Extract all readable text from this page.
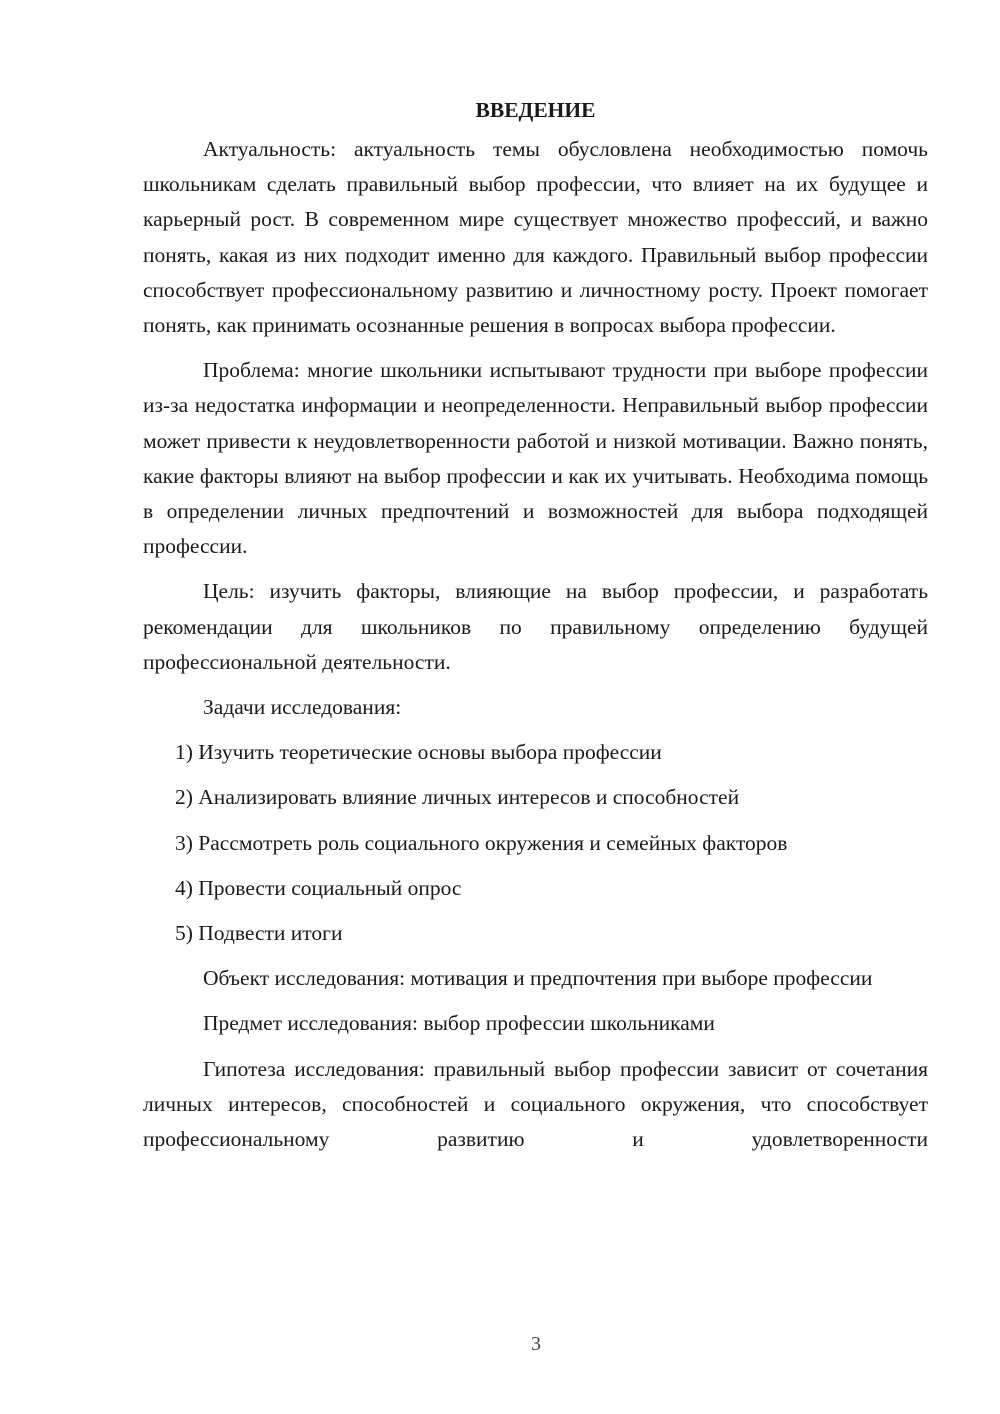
ВВЕДЕНИЕ

Актуальность: актуальность темы обусловлена необходимостью помочь школьникам сделать правильный выбор профессии, что влияет на их будущее и карьерный рост. В современном мире существует множество профессий, и важно понять, какая из них подходит именно для каждого. Правильный выбор профессии способствует профессиональному развитию и личностному росту. Проект помогает понять, как принимать осознанные решения в вопросах выбора профессии.

Проблема: многие школьники испытывают трудности при выборе профессии из-за недостатка информации и неопределенности. Неправильный выбор профессии может привести к неудовлетворенности работой и низкой мотивации. Важно понять, какие факторы влияют на выбор профессии и как их учитывать. Необходима помощь в определении личных предпочтений и возможностей для выбора подходящей профессии.

Цель: изучить факторы, влияющие на выбор профессии, и разработать рекомендации для школьников по правильному определению будущей профессиональной деятельности.

Задачи исследования:

1) Изучить теоретические основы выбора профессии
2) Анализировать влияние личных интересов и способностей
3) Рассмотреть роль социального окружения и семейных факторов
4) Провести социальный опрос
5) Подвести итоги

Объект исследования: мотивация и предпочтения при выборе профессии

Предмет исследования: выбор профессии школьниками

Гипотеза исследования: правильный выбор профессии зависит от сочетания личных интересов, способностей и социального окружения, что способствует профессиональному развитию и удовлетворенности

3
